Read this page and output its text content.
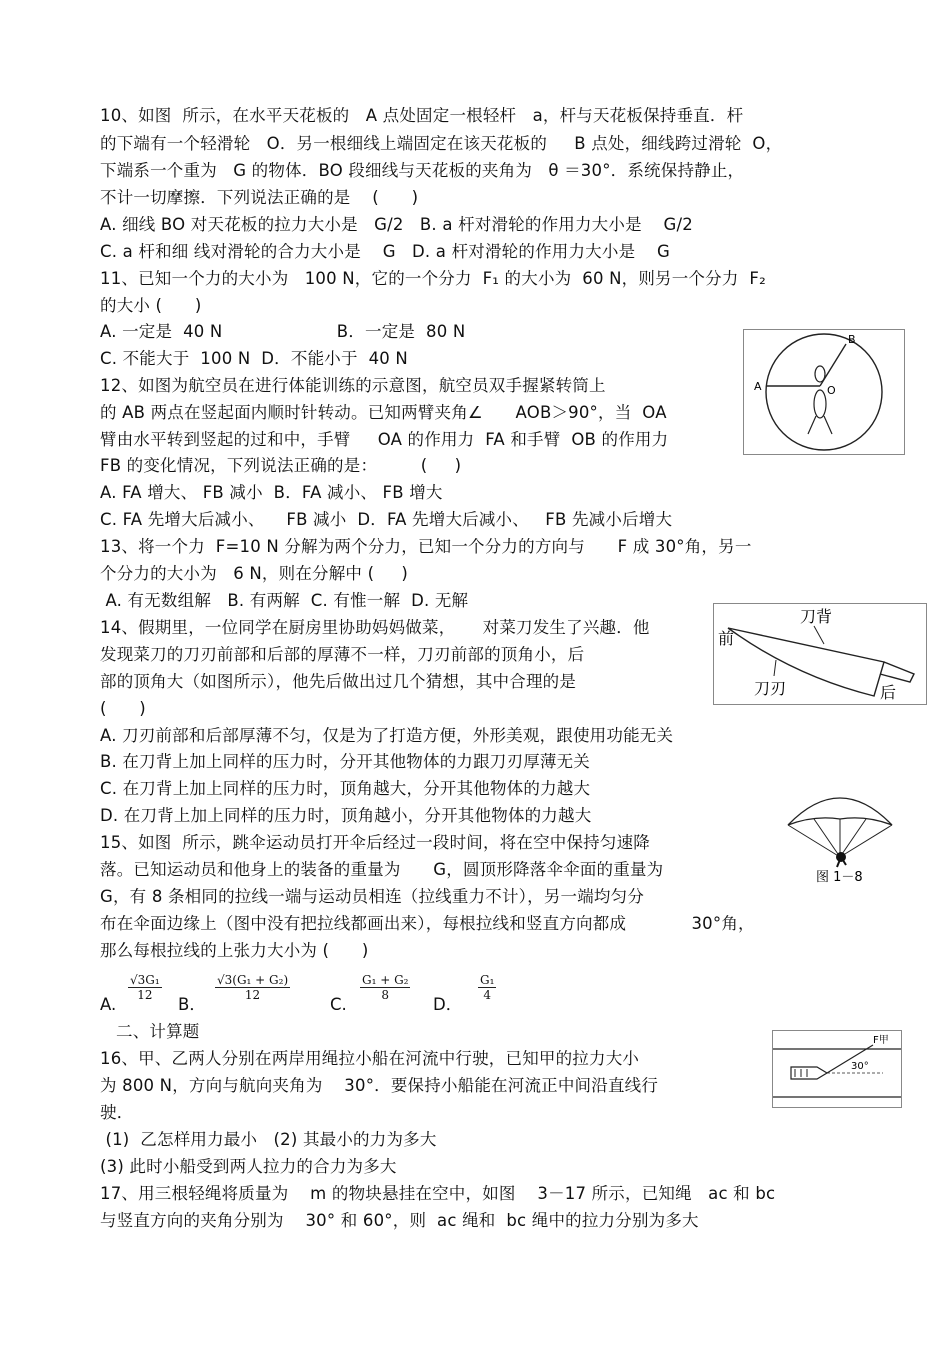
10、如图  所示，在水平天花板的   A 点处固定一根轻杆   a，杆与天花板保持垂直．杆
的下端有一个轻滑轮   O．另一根细线上端固定在该天花板的     B 点处，细线跨过滑轮  O，
下端系一个重为   G 的物体．BO 段细线与天花板的夹角为   θ ＝30°．系统保持静止，
不计一切摩擦．下列说法正确的是    (      )
A. 细线 BO 对天花板的拉力大小是   G/2   B. a 杆对滑轮的作用力大小是    G/2
C. a 杆和细 线对滑轮的合力大小是    G   D. a 杆对滑轮的作用力大小是    G
11、已知一个力的大小为   100 N，它的一个分力  F₁ 的大小为  60 N，则另一个分力  F₂
的大小 (      )
A. 一定是  40 N                     B．一定是  80 N
C. 不能大于  100 N  D．不能小于  40 N
12、如图为航空员在进行体能训练的示意图，航空员双手握紧转筒上
的 AB 两点在竖起面内顺时针转动。已知两臂夹角∠      AOB＞90°，当  OA
臂由水平转到竖起的过和中，手臂     OA 的作用力  FA 和手臂  OB 的作用力
FB 的变化情况，下列说法正确的是：        (     )
A. FA 增大、 FB 减小  B．FA 减小、 FB 增大
C. FA 先增大后减小、    FB 减小  D．FA 先增大后减小、   FB 先减小后增大
13、将一个力  F=10 N 分解为两个分力，已知一个分力的方向与      F 成 30°角，另一
个分力的大小为   6 N，则在分解中 (     )
A. 有无数组解   B. 有两解  C. 有惟一解  D. 无解
14、假期里，一位同学在厨房里协助妈妈做菜，     对菜刀发生了兴趣．他
发现菜刀的刀刃前部和后部的厚薄不一样，刀刃前部的顶角小，后
部的顶角大（如图所示），他先后做出过几个猜想，其中合理的是
(      )
A. 刀刃前部和后部厚薄不匀，仅是为了打造方便，外形美观，跟使用功能无关
B. 在刀背上加上同样的压力时，分开其他物体的力跟刀刃厚薄无关
C. 在刀背上加上同样的压力时，顶角越大，分开其他物体的力越大
D. 在刀背上加上同样的压力时，顶角越小，分开其他物体的力越大
15、如图  所示，跳伞运动员打开伞后经过一段时间，将在空中保持匀速降
落。已知运动员和他身上的装备的重量为      G，圆顶形降落伞伞面的重量为
G，有 8 条相同的拉线一端与运动员相连（拉线重力不计），另一端均匀分
布在伞面边缘上（图中没有把拉线都画出来），每根拉线和竖直方向都成            30°角，
那么每根拉线的上张力大小为 (      )
A.
$\frac{\text{√3G₁}}{12}$
B．
$\frac{\text{√3(G₁ + G₂)}}{12}$
C.
$\frac{\text{G₁ + G₂}}{8}$
D．
$\frac{\text{G₁}}{4}$
二、计算题
16、甲、乙两人分别在两岸用绳拉小船在河流中行驶，已知甲的拉力大小
为 800 N，方向与航向夹角为    30°．要保持小船能在河流正中间沿直线行
驶．
(1)  乙怎样用力最小   (2) 其最小的力为多大
(3) 此时小船受到两人拉力的合力为多大
17、用三根轻绳将质量为    m 的物块悬挂在空中，如图    3－17 所示，已知绳   ac 和 bc
与竖直方向的夹角分别为    30° 和 60°，则  ac 绳和  bc 绳中的拉力分别为多大
A
B
O
前
刀背
刀刃	后
图 1－8
F甲
30°
